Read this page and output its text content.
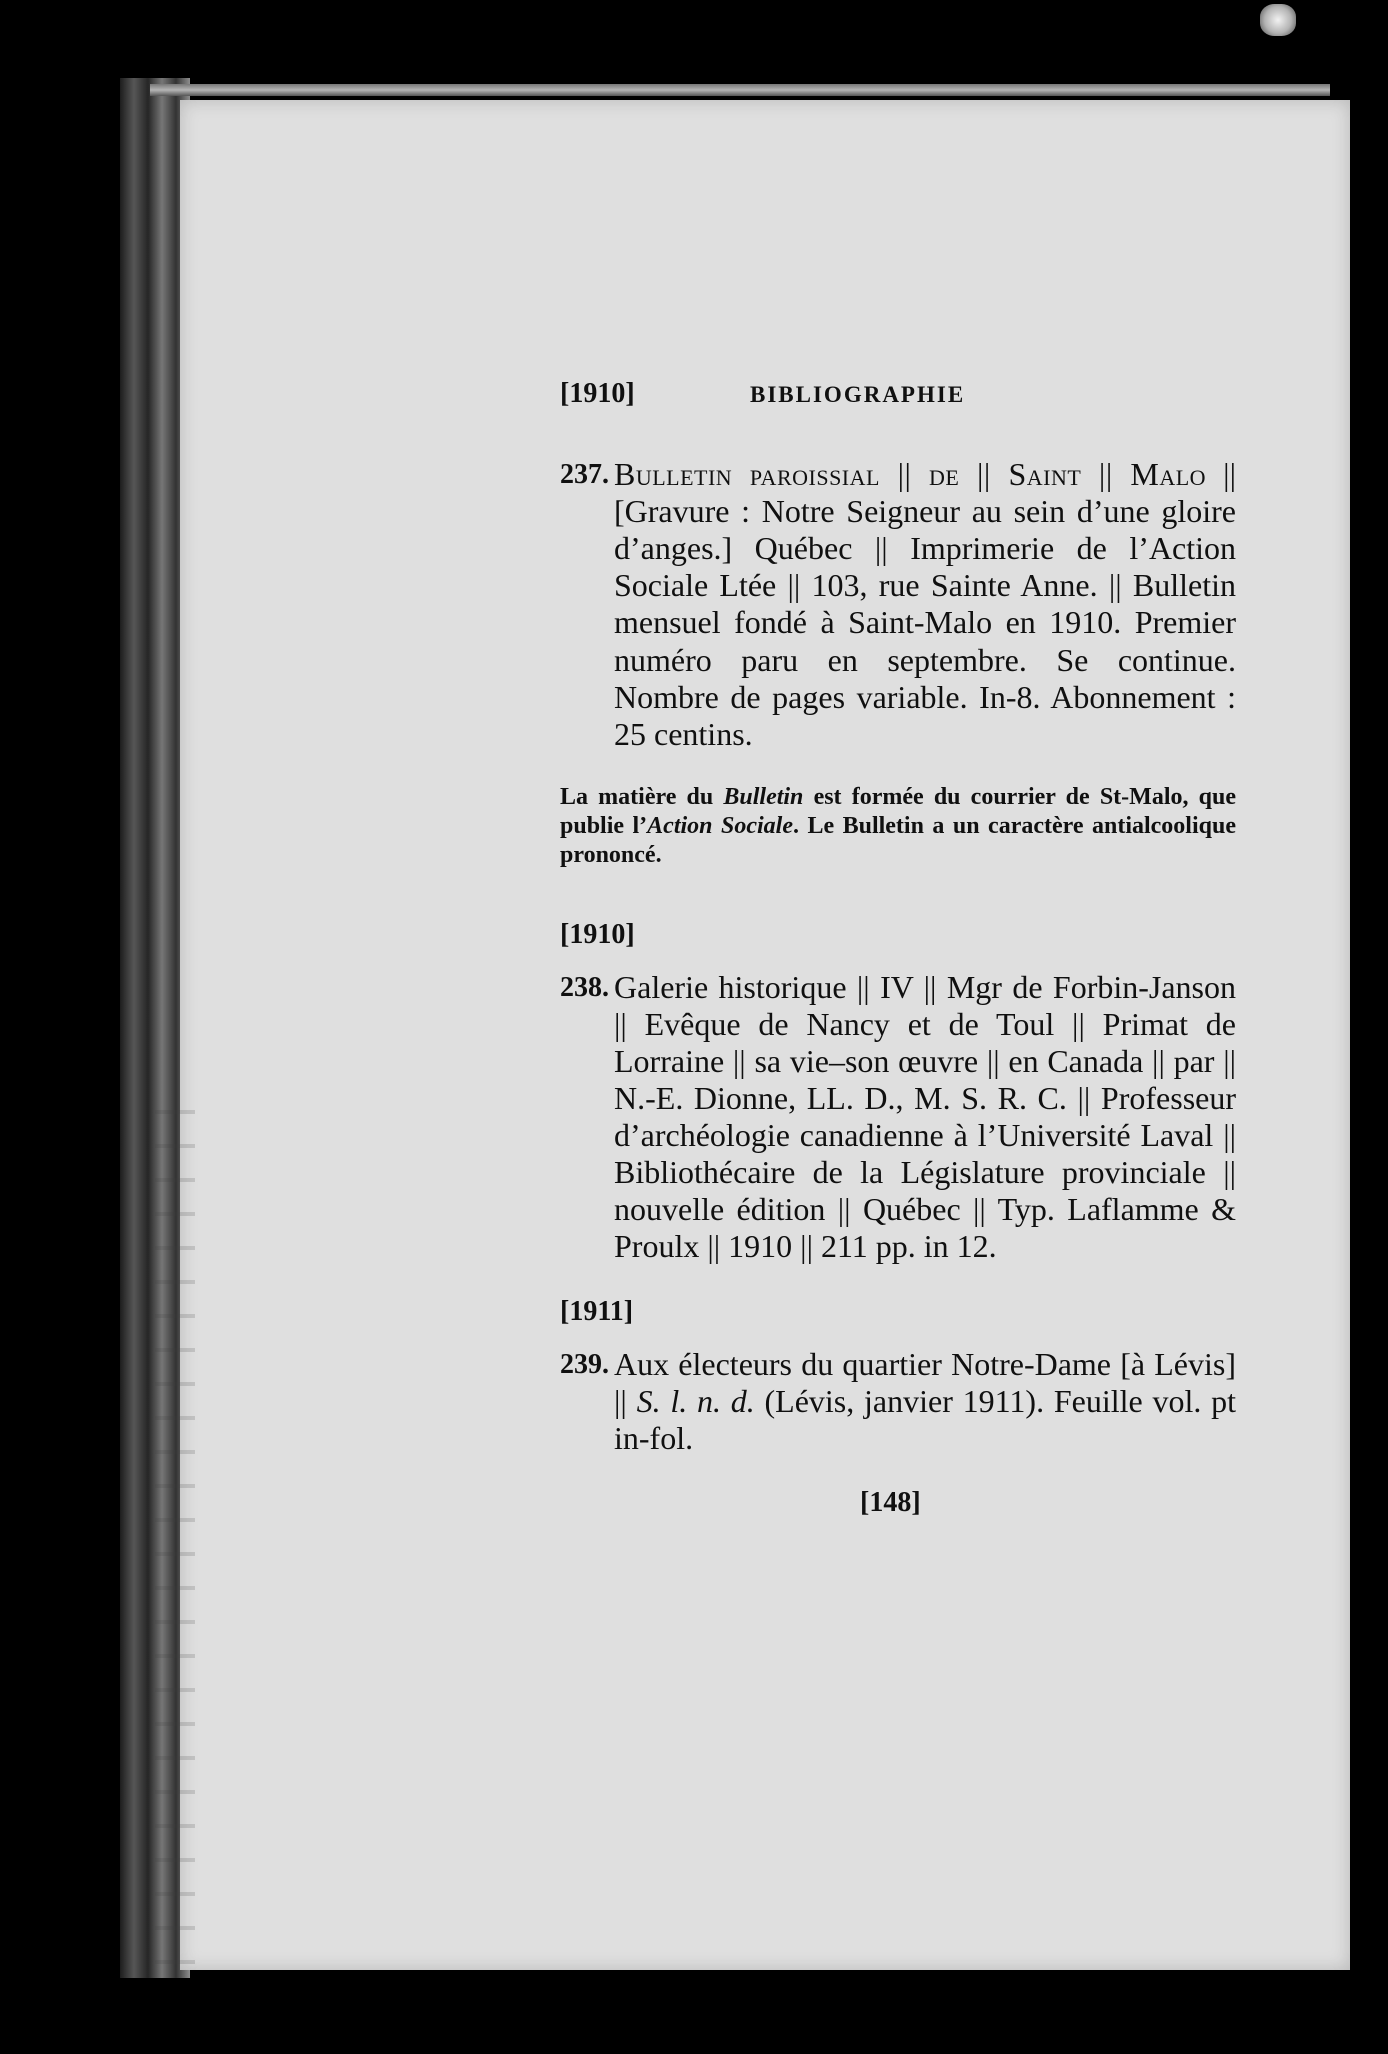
[1910]	BIBLIOGRAPHIE
237. Bulletin paroissial || de || Saint || Malo || [Gravure : Notre Seigneur au sein d’une gloire d’anges.] Québec || Imprimerie de l’Action Sociale Ltée || 103, rue Sainte Anne. || Bulletin mensuel fondé à Saint-Malo en 1910. Premier numéro paru en septembre. Se continue. Nombre de pages variable. In-8. Abonnement : 25 centins.

La matière du Bulletin est formée du courrier de St-Malo, que publie l’Action Sociale. Le Bulletin a un caractère antialcoolique prononcé.

[1910]
238. Galerie historique || IV || Mgr de Forbin-Janson || Evêque de Nancy et de Toul || Primat de Lorraine || sa vie–son œuvre || en Canada || par || N.-E. Dionne, LL. D., M. S. R. C. || Professeur d’archéologie canadienne à l’Université Laval || Bibliothécaire de la Législature provinciale || nouvelle édition || Québec || Typ. Laflamme & Proulx || 1910 || 211 pp. in 12.

[1911]
239. Aux électeurs du quartier Notre-Dame [à Lévis] || S. l. n. d. (Lévis, janvier 1911). Feuille vol. pt in-fol.

[148]
